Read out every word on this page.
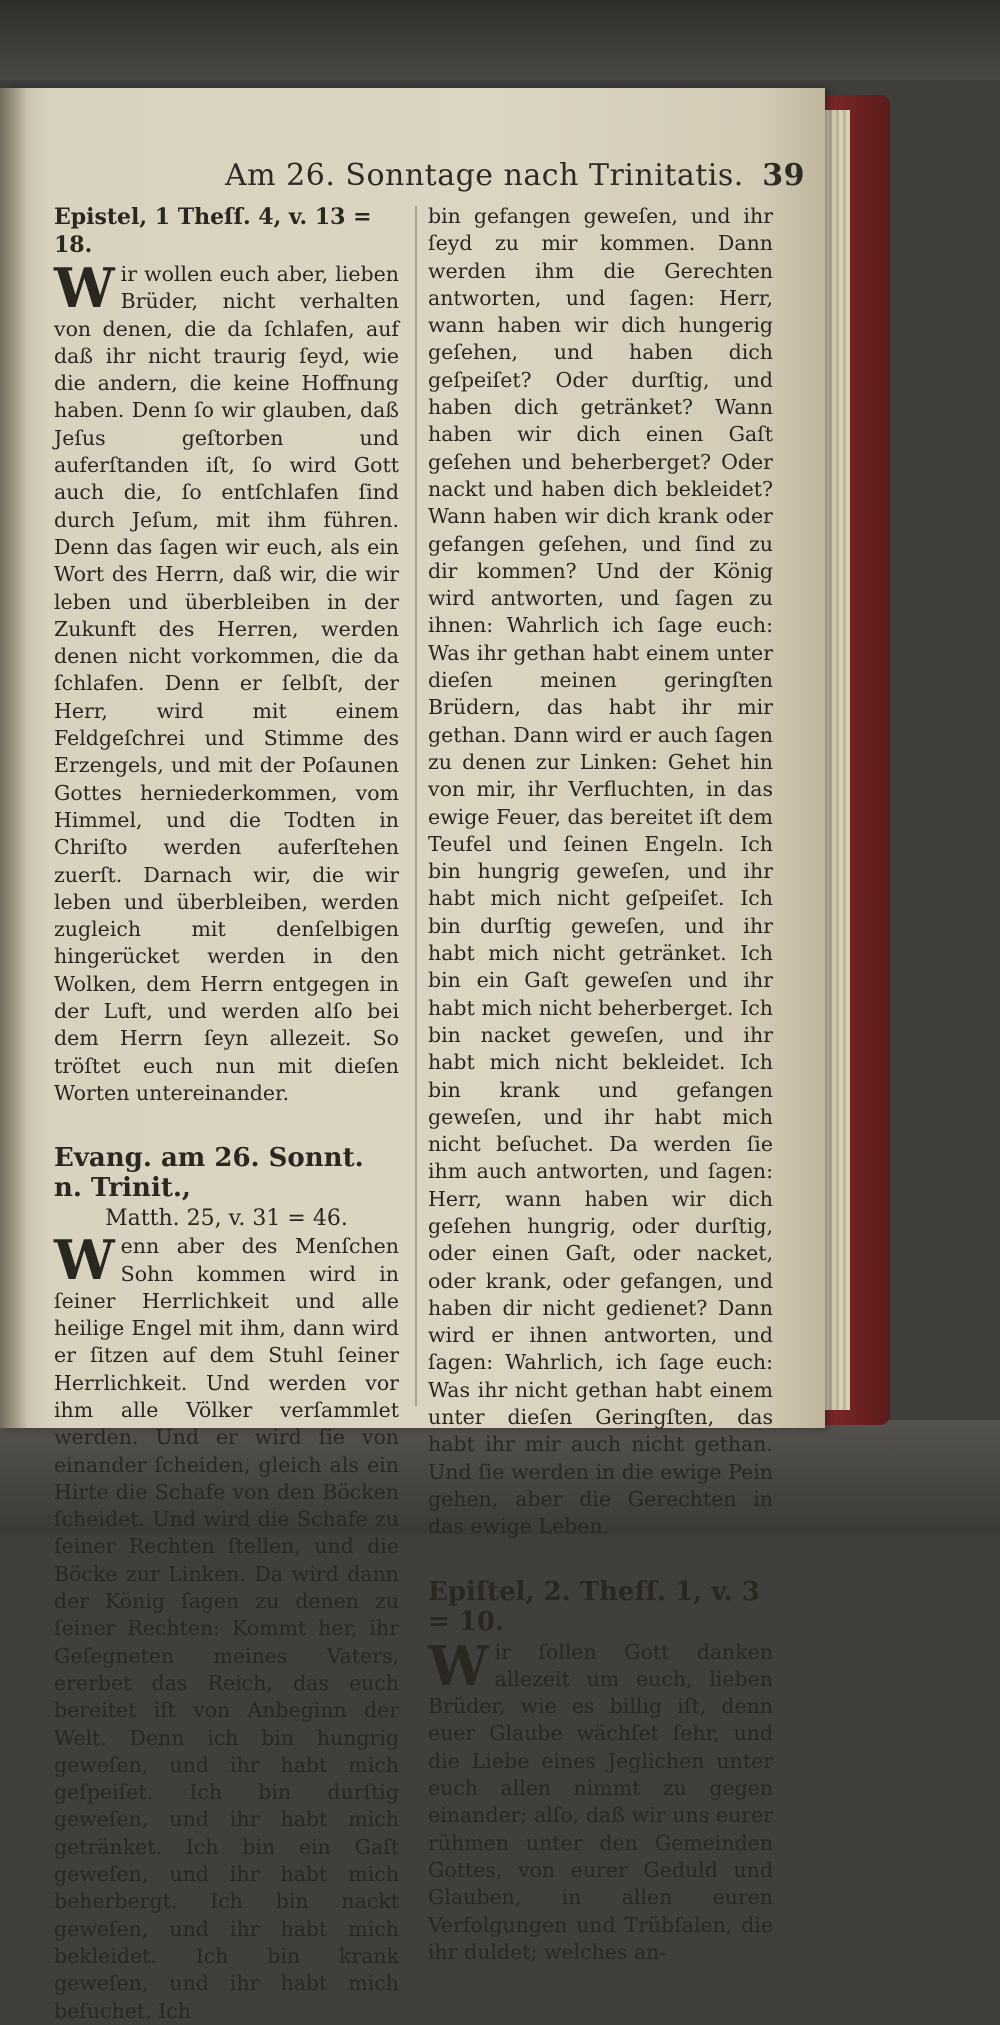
Am 26. Sonntage nach Trinitatis. 39
Epistel, 1 Theſſ. 4, v. 13 = 18.

W ir wollen euch aber, lieben Brüder, nicht verhalten von denen, die da ſchlafen, auf daß ihr nicht traurig ſeyd, wie die andern, die keine Hoffnung haben. Denn ſo wir glauben, daß Jeſus geſtorben und auferſtanden iſt, ſo wird Gott auch die, ſo entſchlafen ſind durch Jeſum, mit ihm führen. Denn das ſagen wir euch, als ein Wort des Herrn, daß wir, die wir leben und überbleiben in der Zukunft des Herren, werden denen nicht vorkommen, die da ſchlafen. Denn er ſelbſt, der Herr, wird mit einem Feldgeſchrei und Stimme des Erzengels, und mit der Poſaunen Gottes herniederkommen, vom Himmel, und die Todten in Chriſto werden auferſtehen zuerſt. Darnach wir, die wir leben und überbleiben, werden zugleich mit denſelbigen hingerücket werden in den Wolken, dem Herrn entgegen in der Luft, und werden alſo bei dem Herrn ſeyn allezeit. So tröſtet euch nun mit dieſen Worten untereinander.

Evang. am 26. Sonnt. n. Trinit.,
Matth. 25, v. 31 = 46.

W enn aber des Menſchen Sohn kommen wird in ſeiner Herrlichkeit und alle heilige Engel mit ihm, dann wird er ſitzen auf dem Stuhl ſeiner Herrlichkeit. Und werden vor ihm alle Völker verſammlet werden. Und er wird ſie von einander ſcheiden, gleich als ein Hirte die Schafe von den Böcken ſcheidet. Und wird die Schafe zu ſeiner Rechten ſtellen, und die Böcke zur Linken. Da wird dann der König ſagen zu denen zu ſeiner Rechten: Kommt her, ihr Geſegneten meines Vaters, ererbet das Reich, das euch bereitet iſt von Anbeginn der Welt. Denn ich bin hungrig geweſen, und ihr habt mich geſpeiſet. Ich bin durſtig geweſen, und ihr habt mich getränket. Ich bin ein Gaſt geweſen, und ihr habt mich beherbergt. Ich bin nackt geweſen, und ihr habt mich bekleidet. Ich bin krank geweſen, und ihr habt mich beſuchet. Ich

bin gefangen geweſen, und ihr ſeyd zu mir kommen. Dann werden ihm die Gerechten antworten, und ſagen: Herr, wann haben wir dich hungerig geſehen, und haben dich geſpeiſet? Oder durſtig, und haben dich getränket? Wann haben wir dich einen Gaſt geſehen und beherberget? Oder nackt und haben dich bekleidet? Wann haben wir dich krank oder gefangen geſehen, und ſind zu dir kommen? Und der König wird antworten, und ſagen zu ihnen: Wahrlich ich ſage euch: Was ihr gethan habt einem unter dieſen meinen geringſten Brüdern, das habt ihr mir gethan. Dann wird er auch ſagen zu denen zur Linken: Gehet hin von mir, ihr Verfluchten, in das ewige Feuer, das bereitet iſt dem Teufel und ſeinen Engeln. Ich bin hungrig geweſen, und ihr habt mich nicht geſpeiſet. Ich bin durſtig geweſen, und ihr habt mich nicht getränket. Ich bin ein Gaſt geweſen und ihr habt mich nicht beherberget. Ich bin nacket geweſen, und ihr habt mich nicht bekleidet. Ich bin krank und gefangen geweſen, und ihr habt mich nicht beſuchet. Da werden ſie ihm auch antworten, und ſagen: Herr, wann haben wir dich geſehen hungrig, oder durſtig, oder einen Gaſt, oder nacket, oder krank, oder gefangen, und haben dir nicht gedienet? Dann wird er ihnen antworten, und ſagen: Wahrlich, ich ſage euch: Was ihr nicht gethan habt einem unter dieſen Geringſten, das habt ihr mir auch nicht gethan. Und ſie werden in die ewige Pein gehen, aber die Gerechten in das ewige Leben.

Epiſtel, 2. Theſſ. 1, v. 3 = 10.

W ir ſollen Gott danken allezeit um euch, lieben Brüder, wie es billig iſt, denn euer Glaube wächſet ſehr, und die Liebe eines Jeglichen unter euch allen nimmt zu gegen einander; alſo, daß wir uns eurer rühmen unter den Gemeinden Gottes, von eurer Geduld und Glauben, in allen euren Verfolgungen und Trübſalen, die ihr duldet; welches an-
